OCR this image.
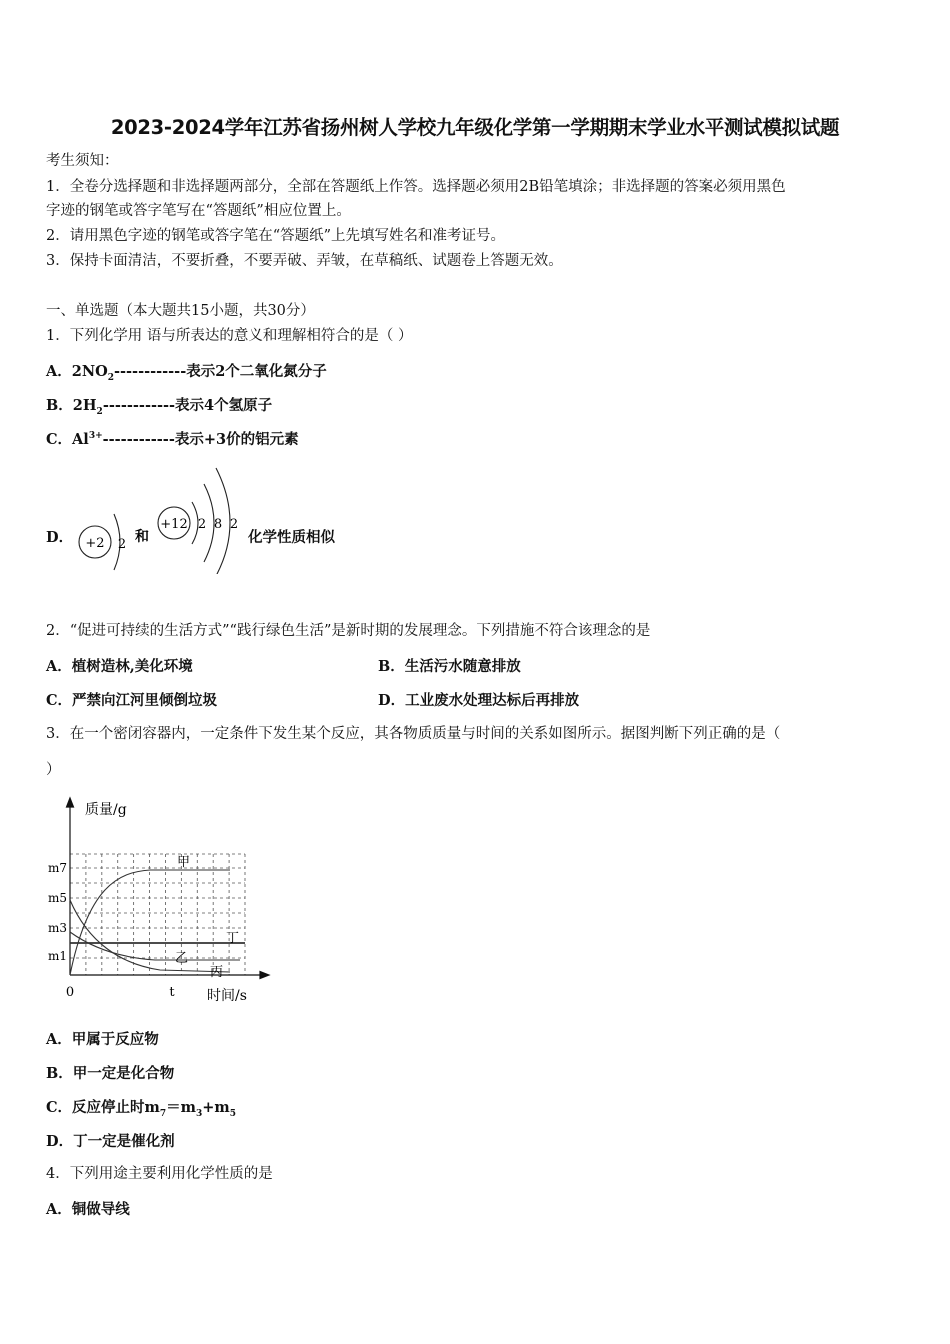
2023-2024学年江苏省扬州树人学校九年级化学第一学期期末学业水平测试模拟试题
考生须知：
1．全卷分选择题和非选择题两部分，全部在答题纸上作答。选择题必须用2B铅笔填涂；非选择题的答案必须用黑色
字迹的钢笔或答字笔写在“答题纸”相应位置上。
2．请用黑色字迹的钢笔或答字笔在“答题纸”上先填写姓名和准考证号。
3．保持卡面清洁，不要折叠，不要弄破、弄皱，在草稿纸、试题卷上答题无效。
一、单选题（本大题共15小题，共30分）
1．下列化学用 语与所表达的意义和理解相符合的是（ ）
A．$2NO_2------------$表示2个二氧化氮分子
B．$2H_2------------$表示4个氢原子
C．$Al^{3+}------------$表示+3价的铝元素
D． +2 2 和
+12 2 8 2
化学性质相似
2．“促进可持续的生活方式”“践行绿色生活”是新时期的发展理念。下列措施不符合该理念的是
A．植树造林,美化环境	B．生活污水随意排放
C．严禁向江河里倾倒垃圾	D．工业废水处理达标后再排放
3．在一个密闭容器内，一定条件下发生某个反应，其各物质质量与时间的关系如图所示。据图判断下列正确的是（
）
质量/g
时间/s
0	t
m7
m5
m3
m1
甲
乙
丙
丁
A．甲属于反应物
B．甲一定是化合物
C．反应停止时$m_7=m_3+m_5$
D．丁一定是催化剂
4．下列用途主要利用化学性质的是
A．铜做导线
